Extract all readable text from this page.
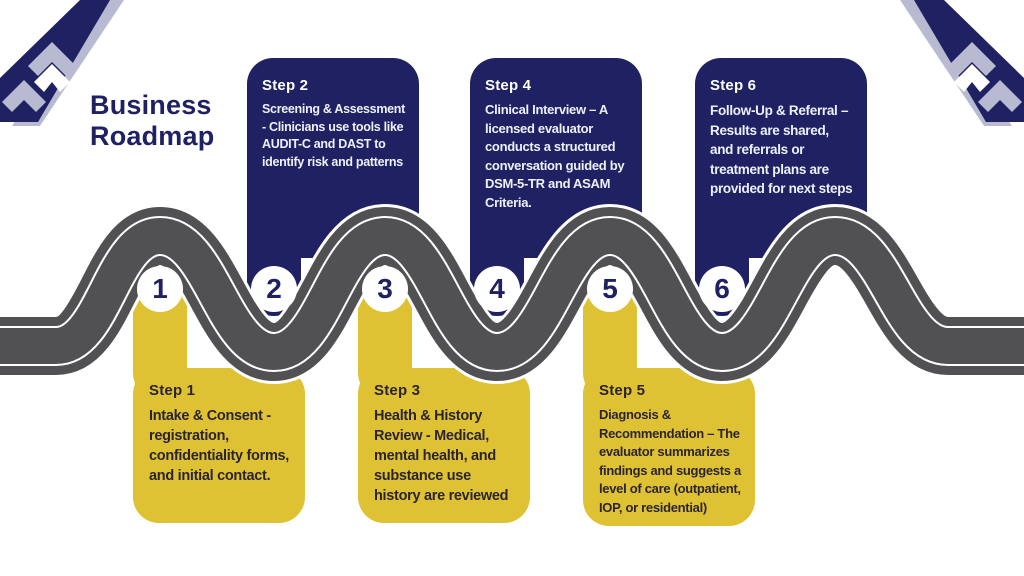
Business
Roadmap
Step 1

Intake & Consent - registration, confidentiality forms, and initial contact.

Step 2

Screening & Assessment - Clinicians use tools like AUDIT-C and DAST to identify risk and patterns

Step 3

Health & History Review - Medical, mental health, and substance use history are reviewed

Step 4

Clinical Interview – A licensed evaluator conducts a structured conversation guided by DSM-5-TR and ASAM Criteria.

Step 5

Diagnosis & Recommendation – The evaluator summarizes findings and suggests a level of care (outpatient, IOP, or residential)

Step 6

Follow-Up & Referral – Results are shared, and referrals or treatment plans are provided for next steps

1	2	3	4	5	6
